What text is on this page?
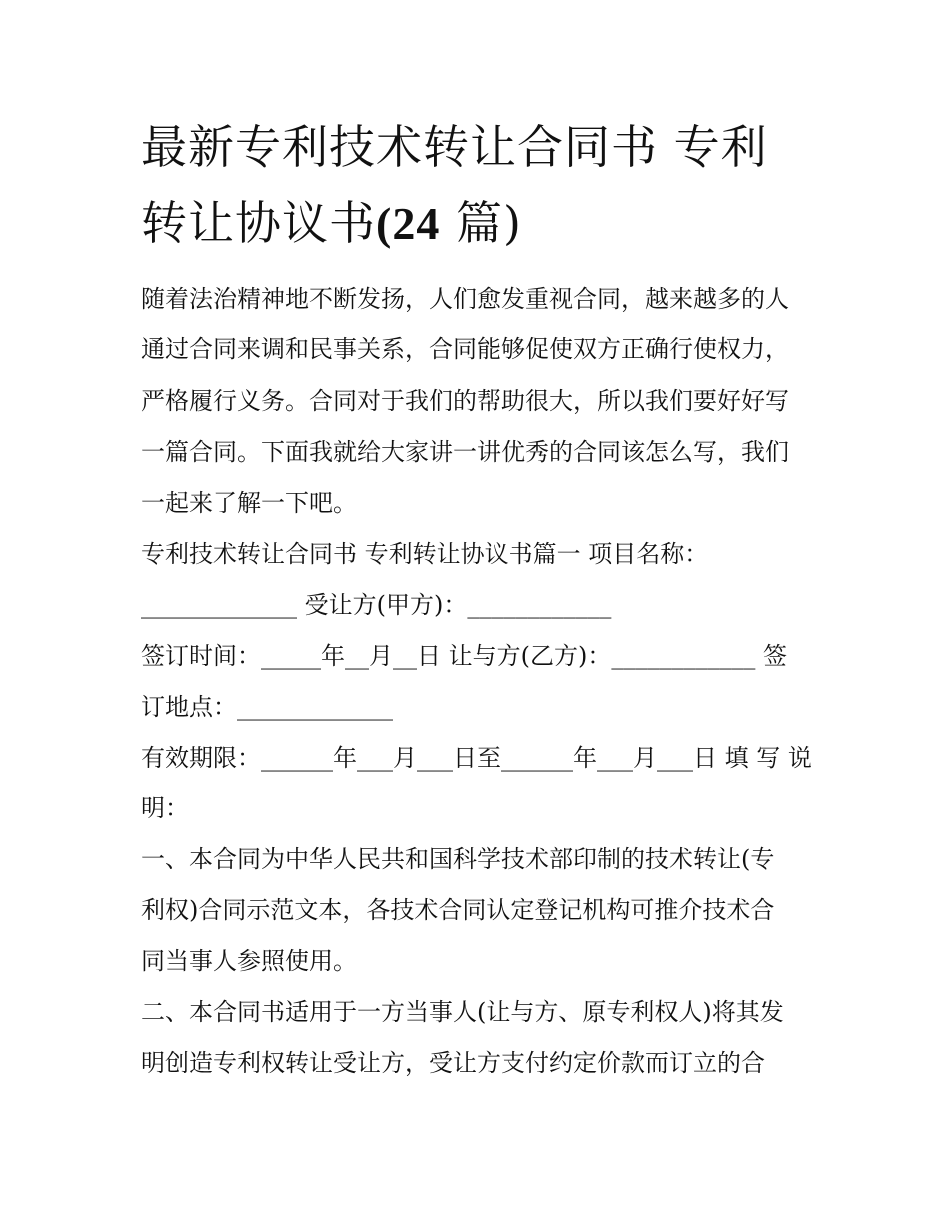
最新专利技术转让合同书 专利
转让协议书(24 篇)

随着法治精神地不断发扬，人们愈发重视合同，越来越多的人

通过合同来调和民事关系，合同能够促使双方正确行使权力，

严格履行义务。合同对于我们的帮助很大，所以我们要好好写

一篇合同。下面我就给大家讲一讲优秀的合同该怎么写，我们

一起来了解一下吧。

专利技术转让合同书 专利转让协议书篇一 项目名称：

_____________ 受让方(甲方)：____________

签订时间：_____年__月__日 让与方(乙方)：____________ 签

订地点：_____________

有效期限：______年___月___日至______年___月___日 填 写 说

明：

一、本合同为中华人民共和国科学技术部印制的技术转让(专

利权)合同示范文本，各技术合同认定登记机构可推介技术合

同当事人参照使用。

二、本合同书适用于一方当事人(让与方、原专利权人)将其发

明创造专利权转让受让方，受让方支付约定价款而订立的合
